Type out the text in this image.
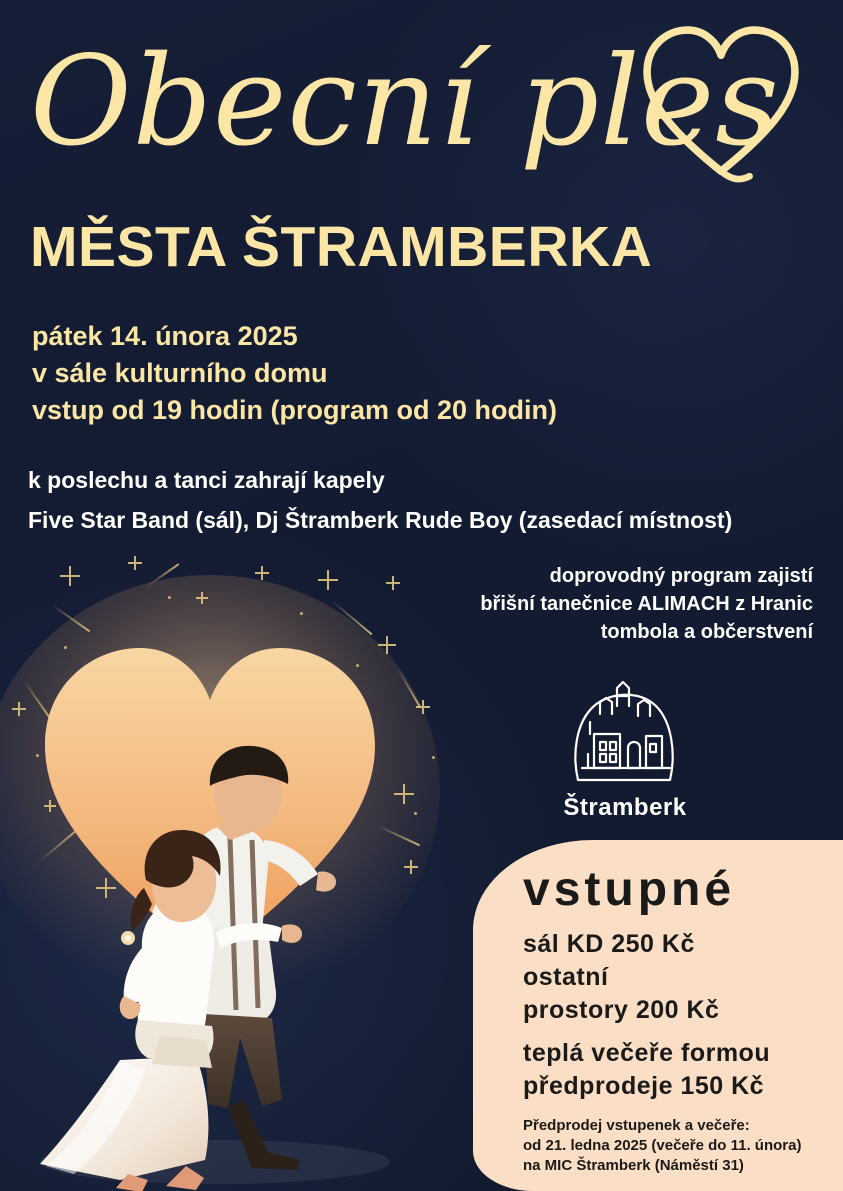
Obecní ples
MĚSTA ŠTRAMBERKA
pátek 14. února 2025
v sále kulturního domu
vstup od 19 hodin (program od 20 hodin)
k poslechu a tanci zahrají kapely
Five Star Band (sál), Dj Štramberk Rude Boy (zasedací místnost)
doprovodný program zajistí
břišní tanečnice ALIMACH z Hranic
tombola a občerstvení
Štramberk
vstupné
sál KD 250 Kč
ostatní
prostory 200 Kč
teplá večeře formou
předprodeje 150 Kč
Předprodej vstupenek a večeře:
od 21. ledna 2025 (večeře do 11. února)
na MIC Štramberk (Náměstí 31)
